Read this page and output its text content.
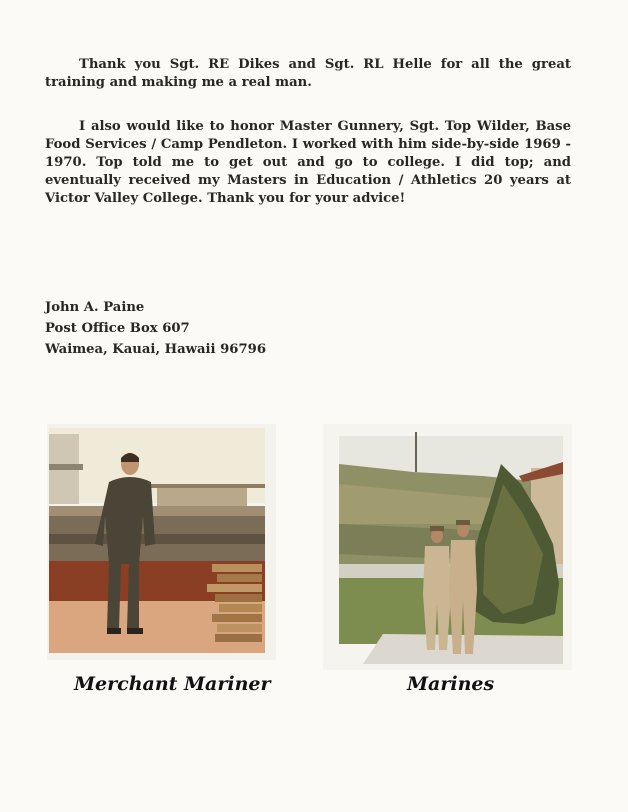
Thank you Sgt. RE Dikes and Sgt. RL Helle for all the great training and making me a real man.

I also would like to honor Master Gunnery, Sgt. Top Wilder, Base Food Services / Camp Pendleton. I worked with him side-by-side 1969 - 1970. Top told me to get out and go to college. I did top; and eventually received my Masters in Education / Athletics 20 years at Victor Valley College. Thank you for your advice!

John A. Paine
Post Office Box 607
Waimea, Kauai, Hawaii 96796
Merchant Mariner	Marines
